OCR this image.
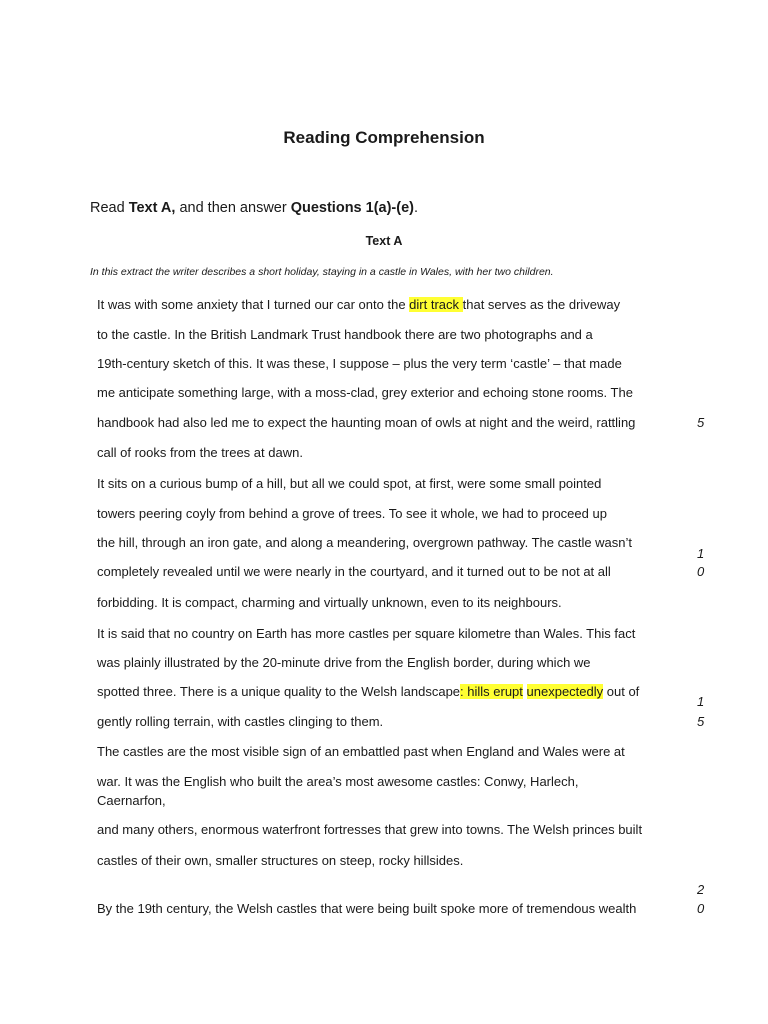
Reading Comprehension
Read Text A, and then answer Questions 1(a)-(e).
Text A
In this extract the writer describes a short holiday, staying in a castle in Wales, with her two children.
It was with some anxiety that I turned our car onto the dirt track that serves as the driveway
to the castle. In the British Landmark Trust handbook there are two photographs and a
19th-century sketch of this. It was these, I suppose – plus the very term ‘castle’ – that made
me anticipate something large, with a moss-clad, grey exterior and echoing stone rooms. The
handbook had also led me to expect the haunting moan of owls at night and the weird, rattling
call of rooks from the trees at dawn.
It sits on a curious bump of a hill, but all we could spot, at first, were some small pointed
towers peering coyly from behind a grove of trees. To see it whole, we had to proceed up
the hill, through an iron gate, and along a meandering, overgrown pathway. The castle wasn’t
completely revealed until we were nearly in the courtyard, and it turned out to be not at all
forbidding. It is compact, charming and virtually unknown, even to its neighbours.
It is said that no country on Earth has more castles per square kilometre than Wales. This fact
was plainly illustrated by the 20-minute drive from the English border, during which we
spotted three. There is a unique quality to the Welsh landscape: hills erupt unexpectedly out of
gently rolling terrain, with castles clinging to them.
The castles are the most visible sign of an embattled past when England and Wales were at
war. It was the English who built the area’s most awesome castles: Conwy, Harlech,
Caernarfon,
and many others, enormous waterfront fortresses that grew into towns. The Welsh princes built
castles of their own, smaller structures on steep, rocky hillsides.
By the 19th century, the Welsh castles that were being built spoke more of tremendous wealth
5
1
0
1
5
2
0
